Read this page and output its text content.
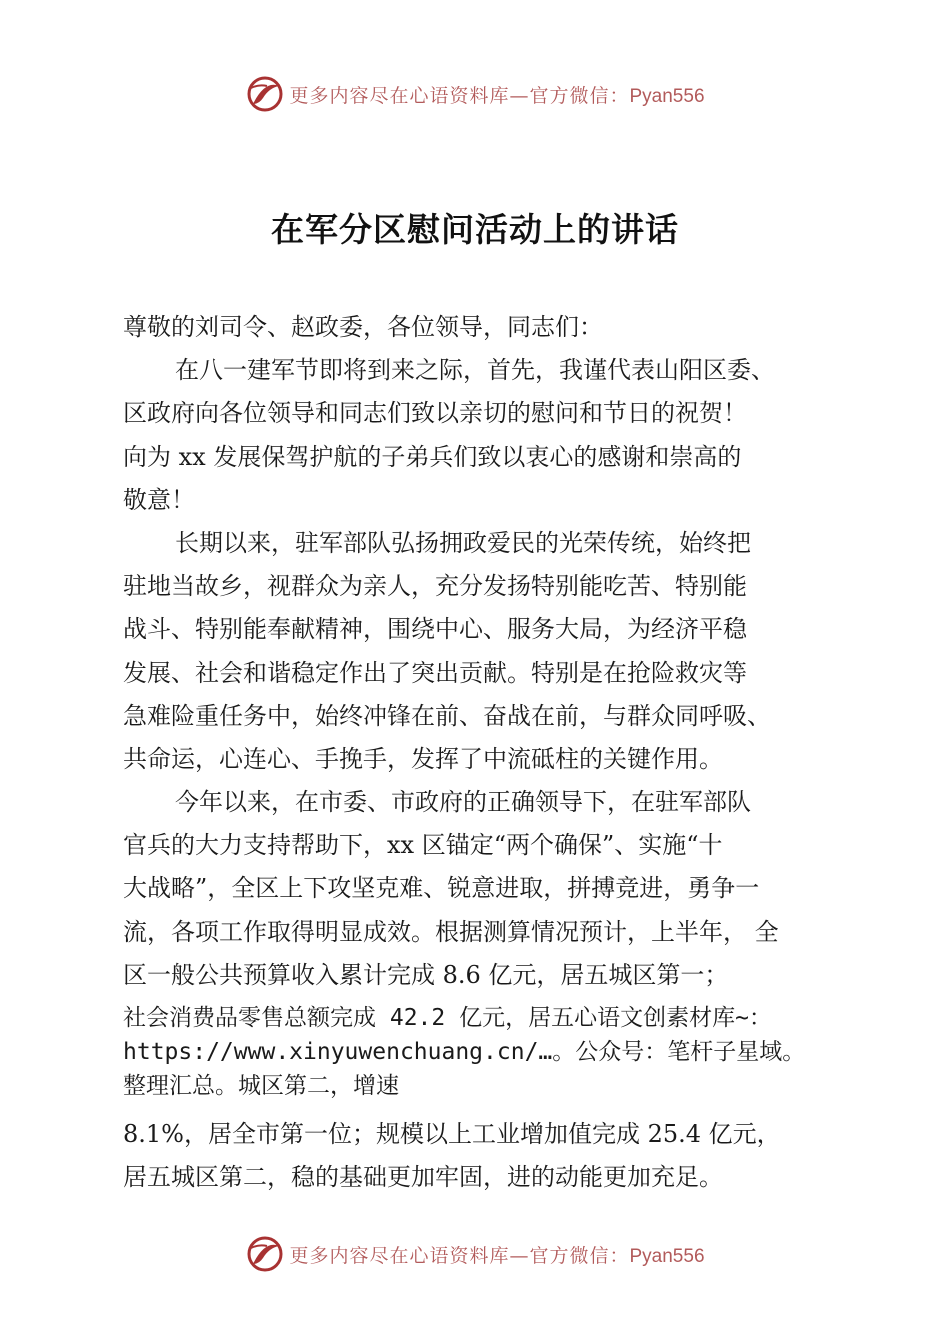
更多内容尽在心语资料库—官方微信：Pyan556
在军分区慰问活动上的讲话

尊敬的刘司令、赵政委，各位领导，同志们：

在八一建军节即将到来之际，首先，我谨代表山阳区委、

区政府向各位领导和同志们致以亲切的慰问和节日的祝贺！

向为 xx 发展保驾护航的子弟兵们致以衷心的感谢和崇高的

敬意！

长期以来，驻军部队弘扬拥政爱民的光荣传统，始终把

驻地当故乡，视群众为亲人，充分发扬特别能吃苦、特别能

战斗、特别能奉献精神，围绕中心、服务大局，为经济平稳

发展、社会和谐稳定作出了突出贡献。特别是在抢险救灾等

急难险重任务中，始终冲锋在前、奋战在前，与群众同呼吸、

共命运，心连心、手挽手，发挥了中流砥柱的关键作用。

今年以来，在市委、市政府的正确领导下，在驻军部队

官兵的大力支持帮助下，xx 区锚定“两个确保”、实施“十

大战略”，全区上下攻坚克难、锐意进取，拼搏竞进，勇争一

流，各项工作取得明显成效。根据测算情况预计，上半年， 全

区一般公共预算收入累计完成 8.6 亿元，居五城区第一；

社会消费品零售总额完成 42.2 亿元，居五心语文创素材库~：
https://www.xinyuwenchuang.cn/…。公众号：笔杆子星域。
整理汇总。城区第二，增速

8.1%，居全市第一位；规模以上工业增加值完成 25.4 亿元，

居五城区第二，稳的基础更加牢固，进的动能更加充足。

更多内容尽在心语资料库—官方微信：Pyan556
